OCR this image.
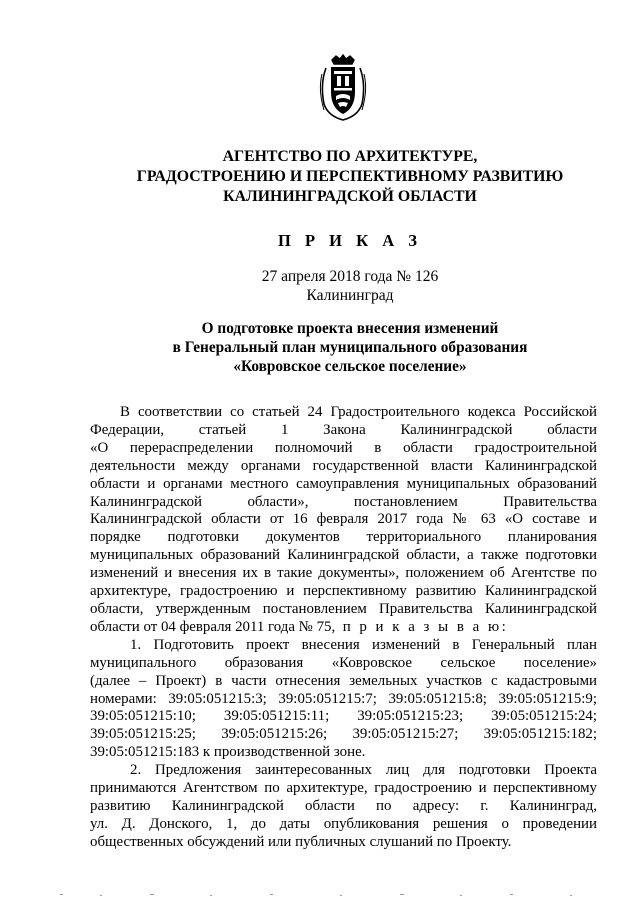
АГЕНТСТВО ПО АРХИТЕКТУРЕ,
ГРАДОСТРОЕНИЮ И ПЕРСПЕКТИВНОМУ РАЗВИТИЮ
КАЛИНИНГРАДСКОЙ ОБЛАСТИ
П Р И К А З
27 апреля 2018 года № 126
Калининград
О подготовке проекта внесения изменений
в Генеральный план муниципального образования
«Ковровское сельское поселение»
В соответствии со статьей 24 Градостроительного кодекса Российской
Федерации, статьей 1 Закона Калининградской области
«О перераспределении полномочий в области градостроительной
деятельности между органами государственной власти Калининградской
области и органами местного самоуправления муниципальных образований
Калининградской области», постановлением Правительства
Калининградской области от 16 февраля 2017 года № 63 «О составе и
порядке подготовки документов территориального планирования
муниципальных образований Калининградской области, а также подготовки
изменений и внесения их в такие документы», положением об Агентстве по
архитектуре, градостроению и перспективному развитию Калининградской
области, утвержденным постановлением Правительства Калининградской
области от 04 февраля 2011 года № 75, п р и к а з ы в а ю:
1. Подготовить проект внесения изменений в Генеральный план
муниципального образования «Ковровское сельское поселение»
(далее – Проект) в части отнесения земельных участков с кадастровыми
номерами: 39:05:051215:3; 39:05:051215:7; 39:05:051215:8; 39:05:051215:9;
39:05:051215:10; 39:05:051215:11; 39:05:051215:23; 39:05:051215:24;
39:05:051215:25; 39:05:051215:26; 39:05:051215:27; 39:05:051215:182;
39:05:051215:183 к производственной зоне.
2. Предложения заинтересованных лиц для подготовки Проекта
принимаются Агентством по архитектуре, градостроению и перспективному
развитию Калининградской области по адресу: г. Калининград,
ул. Д. Донского, 1, до даты опубликования решения о проведении
общественных обсуждений или публичных слушаний по Проекту.
